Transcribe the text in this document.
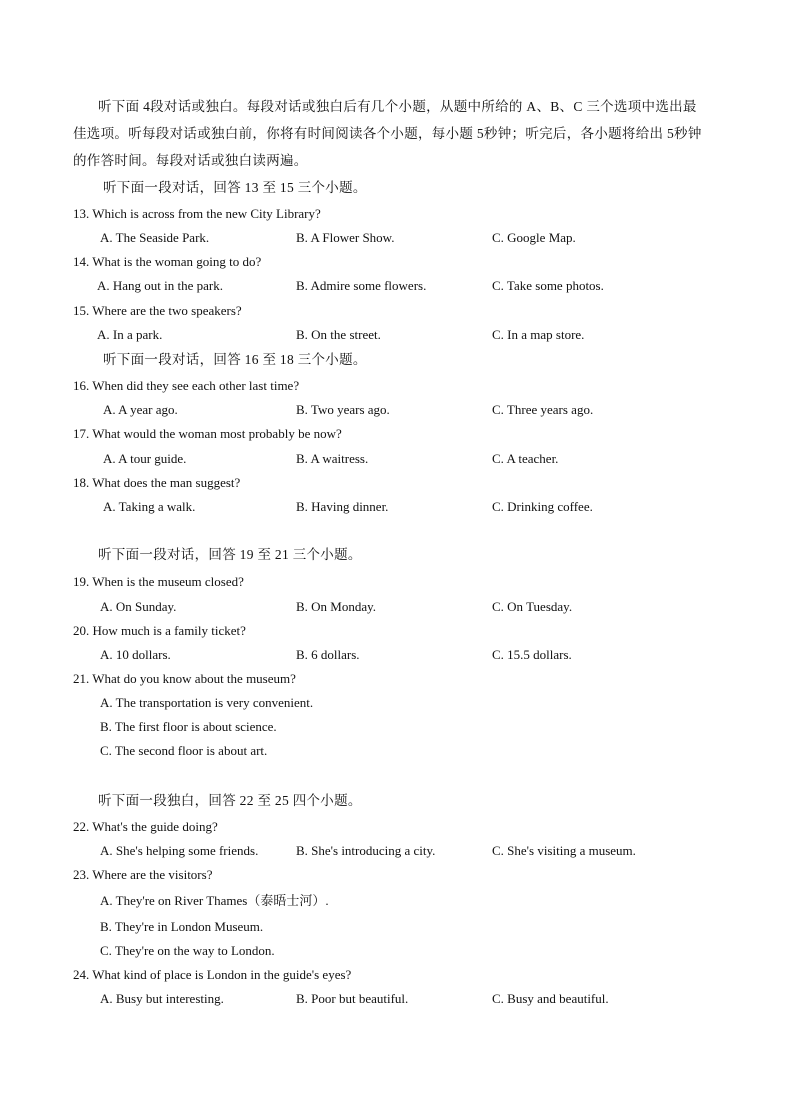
听下面 4段对话或独白。每段对话或独白后有几个小题，从题中所给的 A、B、C 三个选项中选出最
佳选项。听每段对话或独白前，你将有时间阅读各个小题，每小题 5秒钟；听完后，各小题将给出 5秒钟
的作答时间。每段对话或独白读两遍。
听下面一段对话，回答 13 至 15 三个小题。
13. Which is across from the new City Library?
A. The Seaside Park.	B. A Flower Show.	C. Google Map.
14. What is the woman going to do?
A. Hang out in the park.	B. Admire some flowers.	C. Take some photos.
15. Where are the two speakers?
A. In a park.	B. On the street.	C. In a map store.
听下面一段对话，回答 16 至 18 三个小题。
16. When did they see each other last time?
A. A year ago.	B. Two years ago.	C. Three years ago.
17. What would the woman most probably be now?
A. A tour guide.	B. A waitress.	C. A teacher.
18. What does the man suggest?
A. Taking a walk.	B. Having dinner.	C. Drinking coffee.
听下面一段对话，回答 19 至 21 三个小题。
19. When is the museum closed?
A. On Sunday.	B. On Monday.	C. On Tuesday.
20. How much is a family ticket?
A. 10 dollars.	B. 6 dollars.	C. 15.5 dollars.
21. What do you know about the museum?
A. The transportation is very convenient.
B. The first floor is about science.
C. The second floor is about art.
听下面一段独白，回答 22 至 25 四个小题。
22. What's the guide doing?
A. She's helping some friends.	B. She's introducing a city.	C. She's visiting a museum.
23. Where are the visitors?
A. They're on River Thames（泰晤士河）.
B. They're in London Museum.
C. They're on the way to London.
24. What kind of place is London in the guide's eyes?
A. Busy but interesting.	B. Poor but beautiful.	C. Busy and beautiful.
